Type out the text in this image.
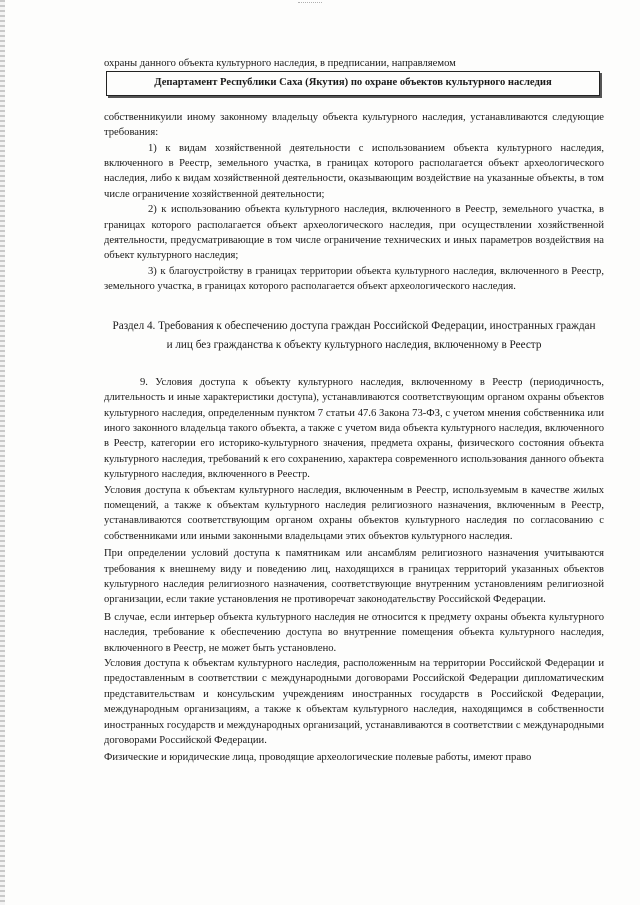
охраны данного объекта культурного наследия, в предписании, направляемом

Департамент Республики Саха (Якутия) по охране объектов культурного наследия

собственникуили иному законному владельцу объекта культурного наследия, устанавливаются следующие требования:

1) к видам хозяйственной деятельности с использованием объекта культурного наследия, включенного в Реестр, земельного участка, в границах которого располагается объект археологического наследия, либо к видам хозяйственной деятельности, оказывающим воздействие на указанные объекты, в том числе ограничение хозяйственной деятельности;

2) к использованию объекта культурного наследия, включенного в Реестр, земельного участка, в границах которого располагается объект археологического наследия, при осуществлении хозяйственной деятельности, предусматривающие в том числе ограничение технических и иных параметров воздействия на объект культурного наследия;

3) к благоустройству в границах территории объекта культурного наследия, включенного в Реестр, земельного участка, в границах которого располагается объект археологического наследия.

Раздел 4. Требования к обеспечению доступа граждан Российской Федерации, иностранных граждан и лиц без гражданства к объекту культурного наследия, включенному в Реестр

9. Условия доступа к объекту культурного наследия, включенному в Реестр (периодичность, длительность и иные характеристики доступа), устанавливаются соответствующим органом охраны объектов культурного наследия, определенным пунктом 7 статьи 47.6 Закона 73-ФЗ, с учетом мнения собственника или иного законного владельца такого объекта, а также с учетом вида объекта культурного наследия, включенного в Реестр, категории его историко-культурного значения, предмета охраны, физического состояния объекта культурного наследия, требований к его сохранению, характера современного использования данного объекта культурного наследия, включенного в Реестр.

Условия доступа к объектам культурного наследия, включенным в Реестр, используемым в качестве жилых помещений, а также к объектам культурного наследия религиозного назначения, включенным в Реестр, устанавливаются соответствующим органом охраны объектов культурного наследия по согласованию с собственниками или иными законными владельцами этих объектов культурного наследия.

При определении условий доступа к памятникам или ансамблям религиозного назначения учитываются требования к внешнему виду и поведению лиц, находящихся в границах территорий указанных объектов культурного наследия религиозного назначения, соответствующие внутренним установлениям религиозной организации, если такие установления не противоречат законодательству Российской Федерации.

В случае, если интерьер объекта культурного наследия не относится к предмету охраны объекта культурного наследия, требование к обеспечению доступа во внутренние помещения объекта культурного наследия, включенного в Реестр, не может быть установлено.

Условия доступа к объектам культурного наследия, расположенным на территории Российской Федерации и предоставленным в соответствии с международными договорами Российской Федерации дипломатическим представительствам и консульским учреждениям иностранных государств в Российской Федерации, международным организациям, а также к объектам культурного наследия, находящимся в собственности иностранных государств и международных организаций, устанавливаются в соответствии с международными договорами Российской Федерации.

Физические и юридические лица, проводящие археологические полевые работы, имеют право
